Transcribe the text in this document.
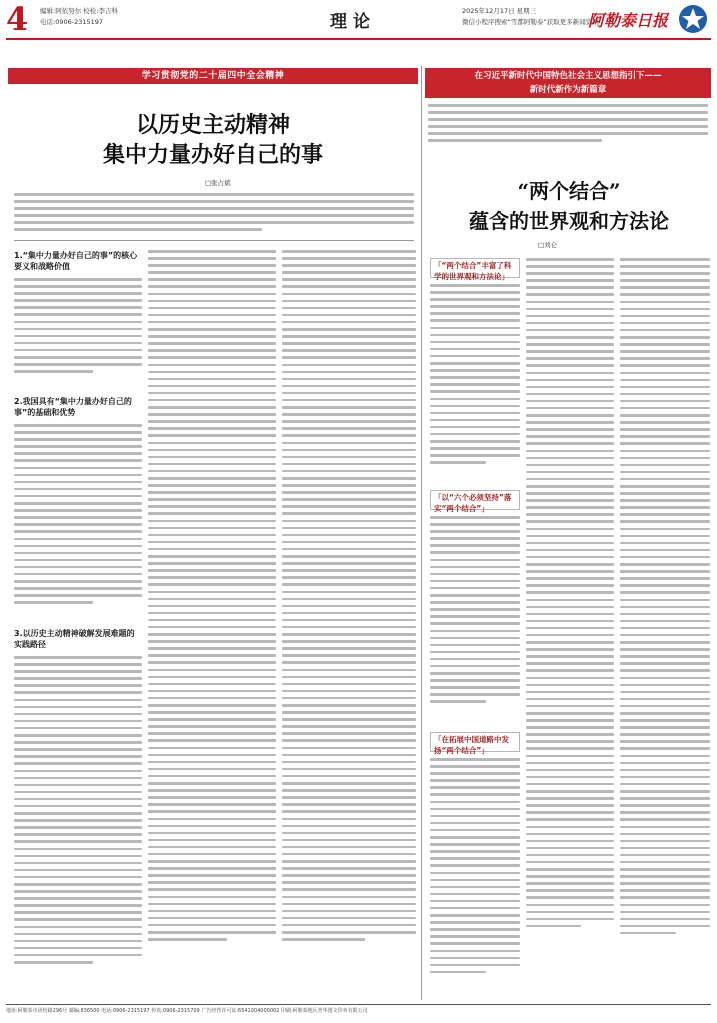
4 编辑:阿依努尔 校检:李吉科
电话:0906-2315197	理论
2025年12月17日 星期三
微信小程序搜索“雪都阿勒泰”获取更多新闻资讯
阿勒泰日报
学习贯彻党的二十届四中全会精神
以历史主动精神
集中力量办好自己的事
□张占斌
1.“集中力量办好自己的事”的核心要义和战略价值
2.我国具有“集中力量办好自己的事”的基础和优势
3.以历史主动精神破解发展难题的实践路径
在习近平新时代中国特色社会主义思想指引下——
新时代新作为新篇章
“两个结合”
蕴含的世界观和方法论
□刘仑
「“两个结合”丰富了科学的世界观和方法论」
「以“六个必须坚持”落实“两个结合”」
「在拓展中国道路中发扬“两个结合”」
地址:阿勒泰市团结路296号 邮编:836500 电话:0906-2315197 传真:0906-2315709 广告经营许可证:6541004000002 印刷:阿勒泰地区普华图文印务有限公司
